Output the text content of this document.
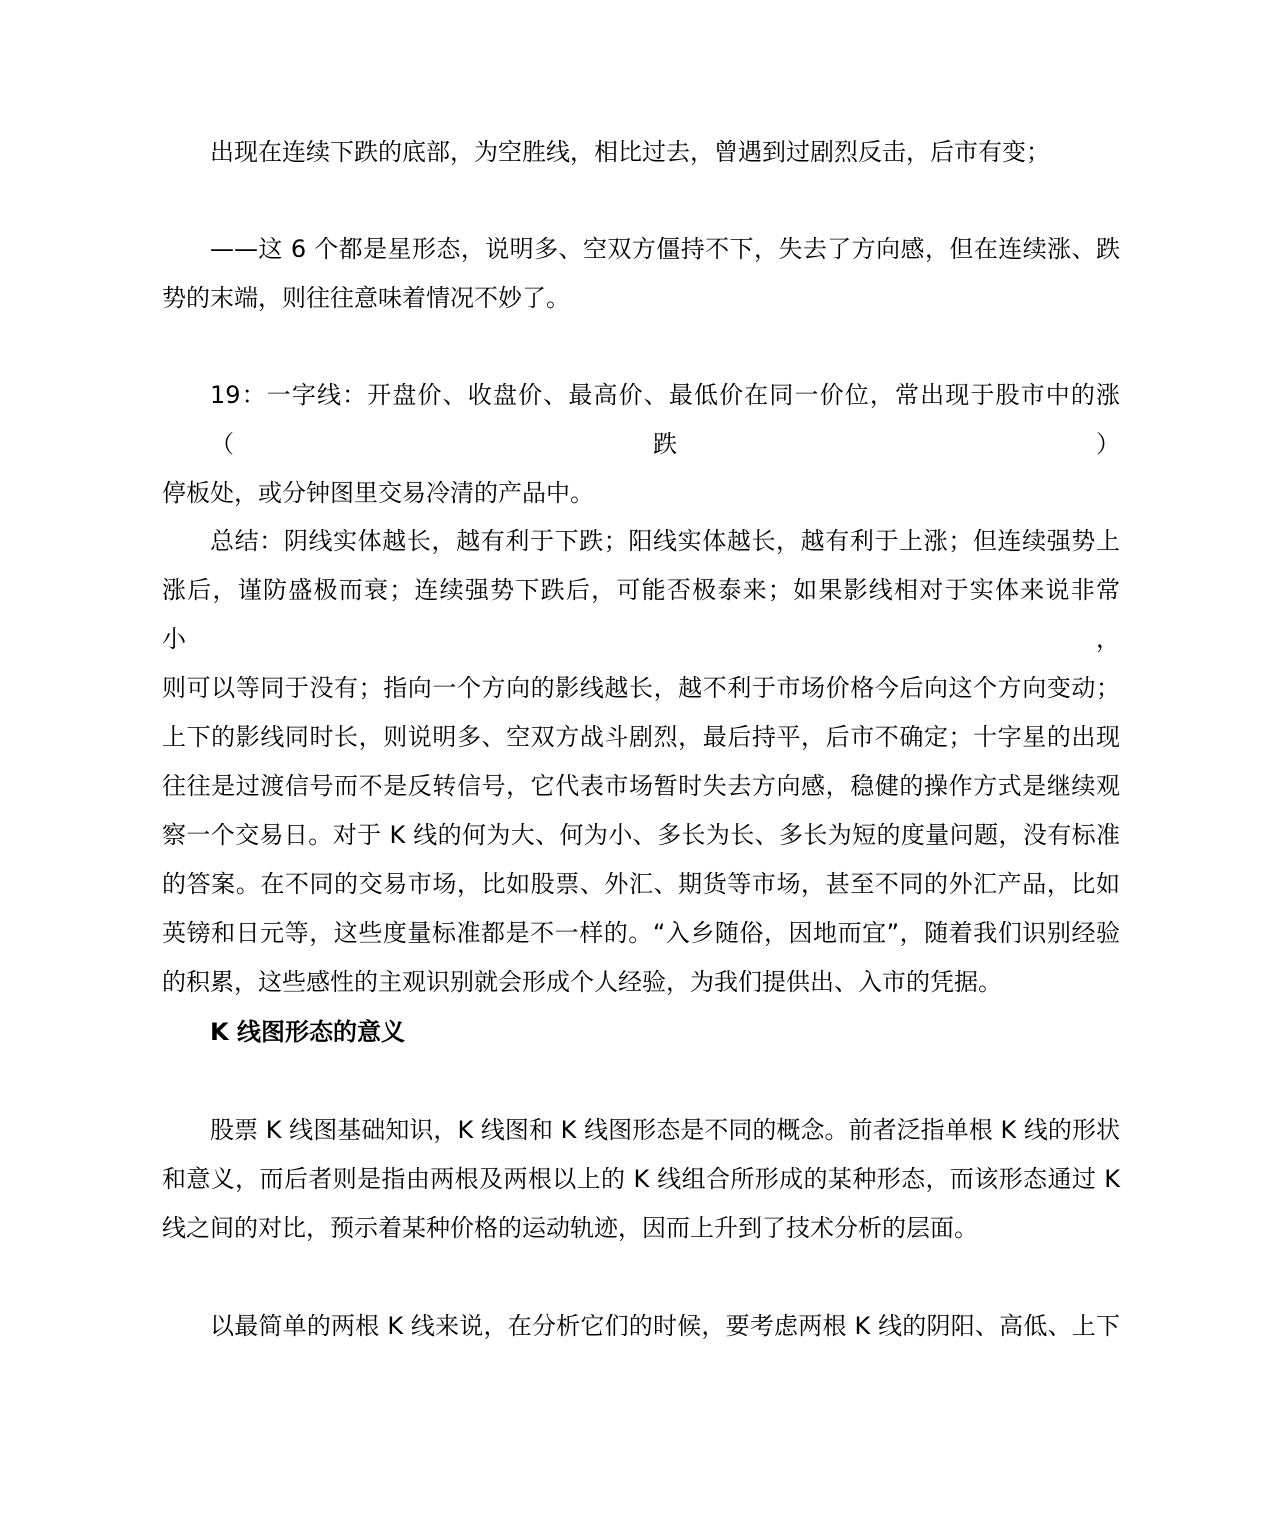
出现在连续下跌的底部，为空胜线，相比过去，曾遇到过剧烈反击，后市有变；

——这 6 个都是星形态，说明多、空双方僵持不下，失去了方向感，但在连续涨、跌
势的末端，则往往意味着情况不妙了。

19：一字线：开盘价、收盘价、最高价、最低价在同一价位，常出现于股市中的涨（跌）
停板处，或分钟图里交易冷清的产品中。

总结：阴线实体越长，越有利于下跌；阳线实体越长，越有利于上涨；但连续强势上
涨后，谨防盛极而衰；连续强势下跌后，可能否极泰来；如果影线相对于实体来说非常小，
则可以等同于没有；指向一个方向的影线越长，越不利于市场价格今后向这个方向变动；
上下的影线同时长，则说明多、空双方战斗剧烈，最后持平，后市不确定；十字星的出现
往往是过渡信号而不是反转信号，它代表市场暂时失去方向感，稳健的操作方式是继续观
察一个交易日。对于 K 线的何为大、何为小、多长为长、多长为短的度量问题，没有标准
的答案。在不同的交易市场，比如股票、外汇、期货等市场，甚至不同的外汇产品，比如
英镑和日元等，这些度量标准都是不一样的。“入乡随俗，因地而宜”，随着我们识别经验
的积累，这些感性的主观识别就会形成个人经验，为我们提供出、入市的凭据。

K 线图形态的意义

股票 K 线图基础知识，K 线图和 K 线图形态是不同的概念。前者泛指单根 K 线的形状
和意义，而后者则是指由两根及两根以上的 K 线组合所形成的某种形态，而该形态通过 K
线之间的对比，预示着某种价格的运动轨迹，因而上升到了技术分析的层面。

以最简单的两根 K 线来说，在分析它们的时候，要考虑两根 K 线的阴阳、高低、上下
